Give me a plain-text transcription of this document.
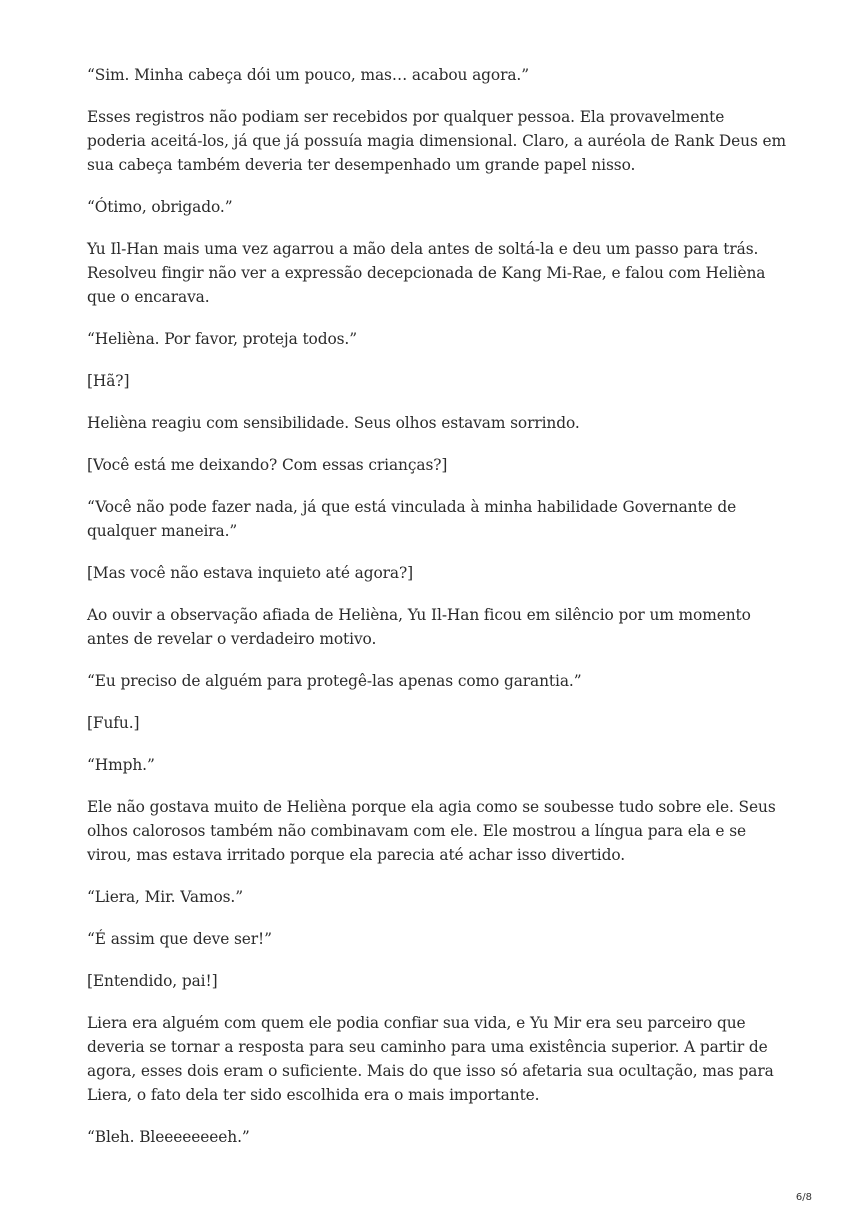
“Sim. Minha cabeça dói um pouco, mas… acabou agora.”

Esses registros não podiam ser recebidos por qualquer pessoa. Ela provavelmente poderia aceitá-los, já que já possuía magia dimensional. Claro, a auréola de Rank Deus em sua cabeça também deveria ter desempenhado um grande papel nisso.

“Ótimo, obrigado.”

Yu Il-Han mais uma vez agarrou a mão dela antes de soltá-la e deu um passo para trás. Resolveu fingir não ver a expressão decepcionada de Kang Mi-Rae, e falou com Helièna que o encarava.

“Helièna. Por favor, proteja todos.”

[Hã?]

Helièna reagiu com sensibilidade. Seus olhos estavam sorrindo.

[Você está me deixando? Com essas crianças?]

“Você não pode fazer nada, já que está vinculada à minha habilidade Governante de qualquer maneira.”

[Mas você não estava inquieto até agora?]

Ao ouvir a observação afiada de Helièna, Yu Il-Han ficou em silêncio por um momento antes de revelar o verdadeiro motivo.

“Eu preciso de alguém para protegê-las apenas como garantia.”

[Fufu.]

“Hmph.”

Ele não gostava muito de Helièna porque ela agia como se soubesse tudo sobre ele. Seus olhos calorosos também não combinavam com ele. Ele mostrou a língua para ela e se virou, mas estava irritado porque ela parecia até achar isso divertido.

“Liera, Mir. Vamos.”

“É assim que deve ser!”

[Entendido, pai!]

Liera era alguém com quem ele podia confiar sua vida, e Yu Mir era seu parceiro que deveria se tornar a resposta para seu caminho para uma existência superior. A partir de agora, esses dois eram o suficiente. Mais do que isso só afetaria sua ocultação, mas para Liera, o fato dela ter sido escolhida era o mais importante.

“Bleh. Bleeeeeeeeh.”

6/8
